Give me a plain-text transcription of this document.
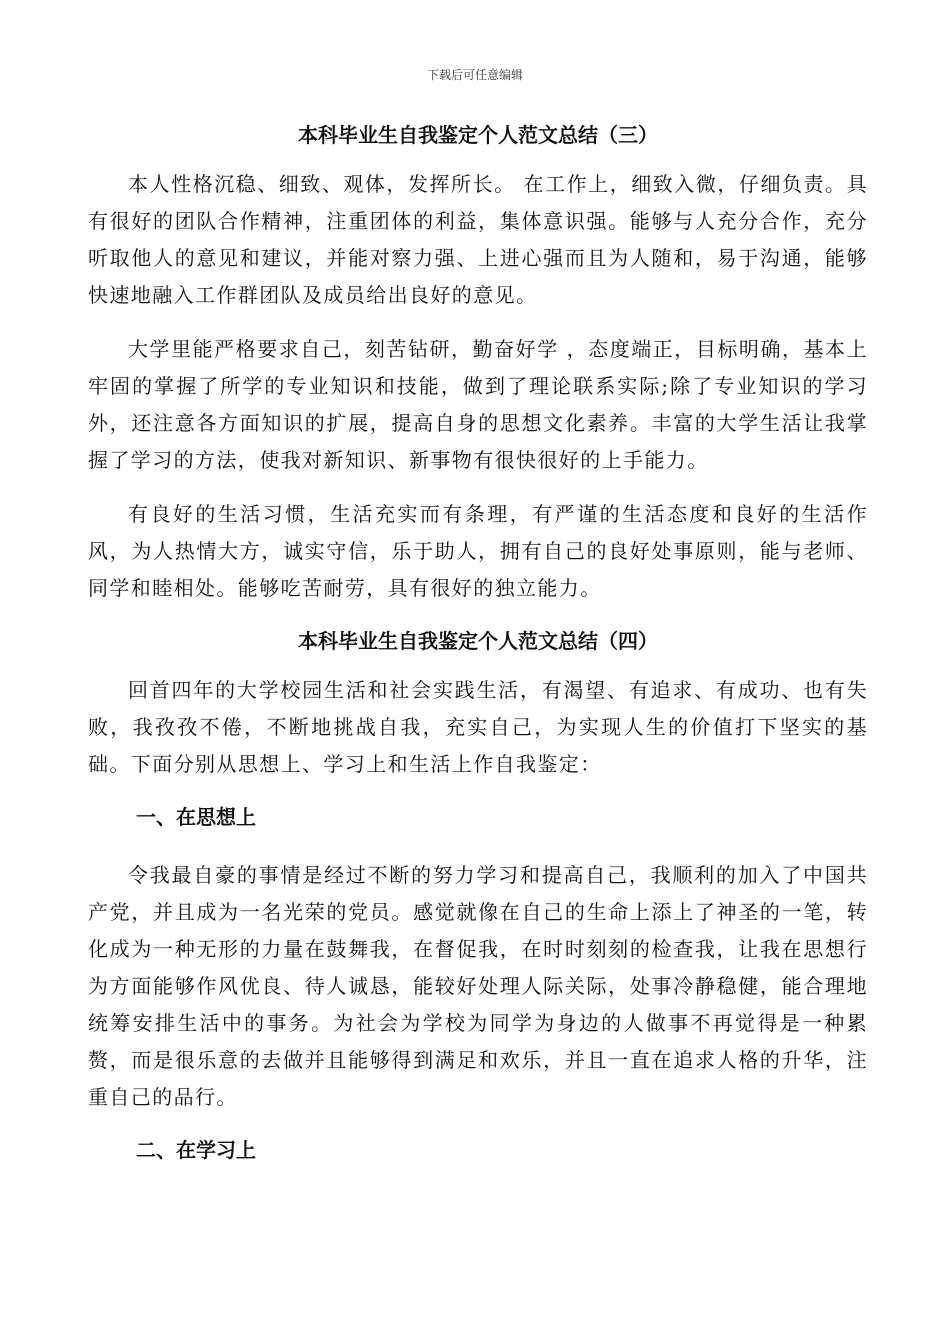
下载后可任意编辑
本科毕业生自我鉴定个人范文总结（三）

本人性格沉稳、细致、观体，发挥所长。 在工作上，细致入微，仔细负责。具有很好的团队合作精神，注重团体的利益，集体意识强。能够与人充分合作，充分听取他人的意见和建议，并能对察力强、上进心强而且为人随和，易于沟通，能够快速地融入工作群团队及成员给出良好的意见。

大学里能严格要求自己，刻苦钻研，勤奋好学 ，态度端正，目标明确，基本上牢固的掌握了所学的专业知识和技能，做到了理论联系实际;除了专业知识的学习外，还注意各方面知识的扩展，提高自身的思想文化素养。丰富的大学生活让我掌握了学习的方法，使我对新知识、新事物有很快很好的上手能力。

有良好的生活习惯，生活充实而有条理，有严谨的生活态度和良好的生活作风，为人热情大方，诚实守信，乐于助人，拥有自己的良好处事原则，能与老师、同学和睦相处。能够吃苦耐劳，具有很好的独立能力。

本科毕业生自我鉴定个人范文总结（四）

回首四年的大学校园生活和社会实践生活，有渴望、有追求、有成功、也有失败，我孜孜不倦，不断地挑战自我，充实自己，为实现人生的价值打下坚实的基础。下面分别从思想上、学习上和生活上作自我鉴定：

一、在思想上

令我最自豪的事情是经过不断的努力学习和提高自己，我顺利的加入了中国共产党，并且成为一名光荣的党员。感觉就像在自己的生命上添上了神圣的一笔，转化成为一种无形的力量在鼓舞我，在督促我，在时时刻刻的检查我，让我在思想行为方面能够作风优良、待人诚恳，能较好处理人际关际，处事冷静稳健，能合理地统筹安排生活中的事务。为社会为学校为同学为身边的人做事不再觉得是一种累赘，而是很乐意的去做并且能够得到满足和欢乐，并且一直在追求人格的升华，注重自己的品行。

二、在学习上
